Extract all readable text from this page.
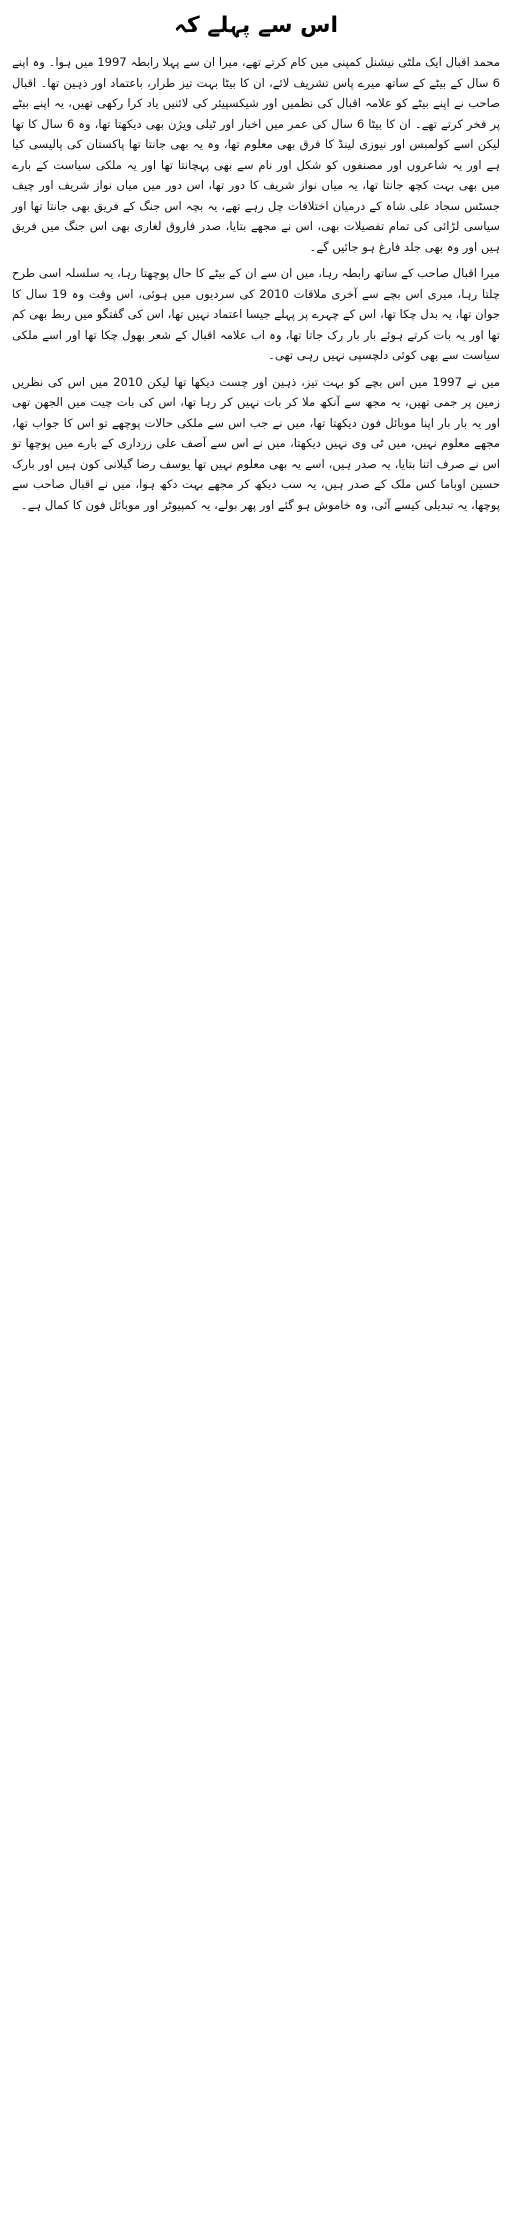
اس سے پہلے کہ

محمد اقبال ایک ملٹی نیشنل کمپنی میں کام کرتے تھے، میرا ان سے پہلا رابطہ 1997 میں ہوا۔ وہ اپنے 6 سال کے بیٹے کے ساتھ میرے پاس تشریف لائے، ان کا بیٹا بہت تیز طرار، باعتماد اور ذہین تھا۔ اقبال صاحب نے اپنے بیٹے کو علامہ اقبال کی نظمیں اور شیکسپیئر کی لائنیں یاد کرا رکھی تھیں، یہ اپنے بیٹے پر فخر کرتے تھے۔ ان کا بیٹا 6 سال کی عمر میں اخبار اور ٹیلی ویژن بھی دیکھتا تھا، وہ 6 سال کا تھا لیکن اسے کولمبس اور نیوزی لینڈ کا فرق بھی معلوم تھا، وہ یہ بھی جانتا تھا پاکستان کی پالیسی کیا ہے اور یہ شاعروں اور مصنفوں کو شکل اور نام سے بھی پہچانتا تھا اور یہ ملکی سیاست کے بارے میں بھی بہت کچھ جانتا تھا، یہ میاں نواز شریف کا دور تھا، اس دور میں میاں نواز شریف اور چیف جسٹس سجاد علی شاہ کے درمیان اختلافات چل رہے تھے، یہ بچہ اس جنگ کے فریق بھی جانتا تھا اور سیاسی لڑائی کی تمام تفصیلات بھی، اس نے مجھے بتایا، صدر فاروق لغاری بھی اس جنگ میں فریق ہیں اور وہ بھی جلد فارغ ہو جائیں گے۔

میرا اقبال صاحب کے ساتھ رابطہ رہا، میں ان سے ان کے بیٹے کا حال پوچھتا رہا، یہ سلسلہ اسی طرح چلتا رہا، میری اس بچے سے آخری ملاقات 2010 کی سردیوں میں ہوئی، اس وقت وہ 19 سال کا جوان تھا، یہ بدل چکا تھا، اس کے چہرے پر پہلے جیسا اعتماد نہیں تھا، اس کی گفتگو میں ربط بھی کم تھا اور یہ بات کرتے ہوئے بار بار رک جاتا تھا، وہ اب علامہ اقبال کے شعر بھول چکا تھا اور اسے ملکی سیاست سے بھی کوئی دلچسپی نہیں رہی تھی۔

میں نے 1997 میں اس بچے کو بہت تیز، ذہین اور چست دیکھا تھا لیکن 2010 میں اس کی نظریں زمین پر جمی تھیں، یہ مجھ سے آنکھ ملا کر بات نہیں کر رہا تھا، اس کی بات چیت میں الجھن تھی اور یہ بار بار اپنا موبائل فون دیکھتا تھا، میں نے جب اس سے ملکی حالات پوچھے تو اس کا جواب تھا، مجھے معلوم نہیں، میں ٹی وی نہیں دیکھتا، میں نے اس سے آصف علی زرداری کے بارے میں پوچھا تو اس نے صرف اتنا بتایا، یہ صدر ہیں، اسے یہ بھی معلوم نہیں تھا یوسف رضا گیلانی کون ہیں اور بارک حسین اوباما کس ملک کے صدر ہیں، یہ سب دیکھ کر مجھے بہت دکھ ہوا، میں نے اقبال صاحب سے پوچھا، یہ تبدیلی کیسے آئی، وہ خاموش ہو گئے اور پھر بولے، یہ کمپیوٹر اور موبائل فون کا کمال ہے۔
